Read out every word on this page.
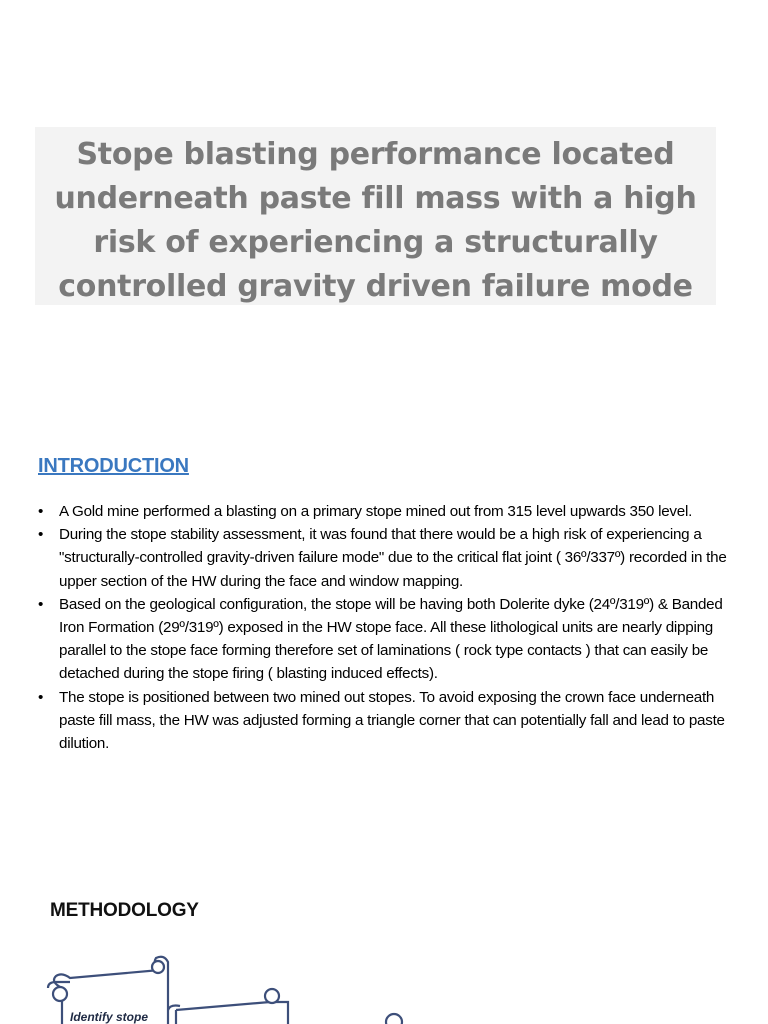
Stope blasting performance located underneath paste fill mass with a high risk of experiencing a structurally controlled gravity driven failure mode

INTRODUCTION
• A Gold mine performed a blasting on a primary stope mined out from 315 level upwards 350 level.
• During the stope stability assessment, it was found that there would be a high risk of experiencing a "structurally-controlled gravity-driven failure mode" due to the critical flat joint ( 36º/337º) recorded in the upper section of the HW during the face and window mapping.
• Based on the geological configuration, the stope will be having both Dolerite dyke (24º/319º) & Banded Iron Formation (29º/319º) exposed in the HW stope face. All these lithological units are nearly dipping parallel to the stope face forming therefore set of laminations ( rock type contacts ) that can easily be detached during the stope firing ( blasting induced effects).
• The stope is positioned between two mined out stopes. To avoid exposing the crown face underneath paste fill mass, the HW was adjusted forming a triangle corner that can potentially fall and lead to paste dilution.
METHODOLOGY

Identify stope
